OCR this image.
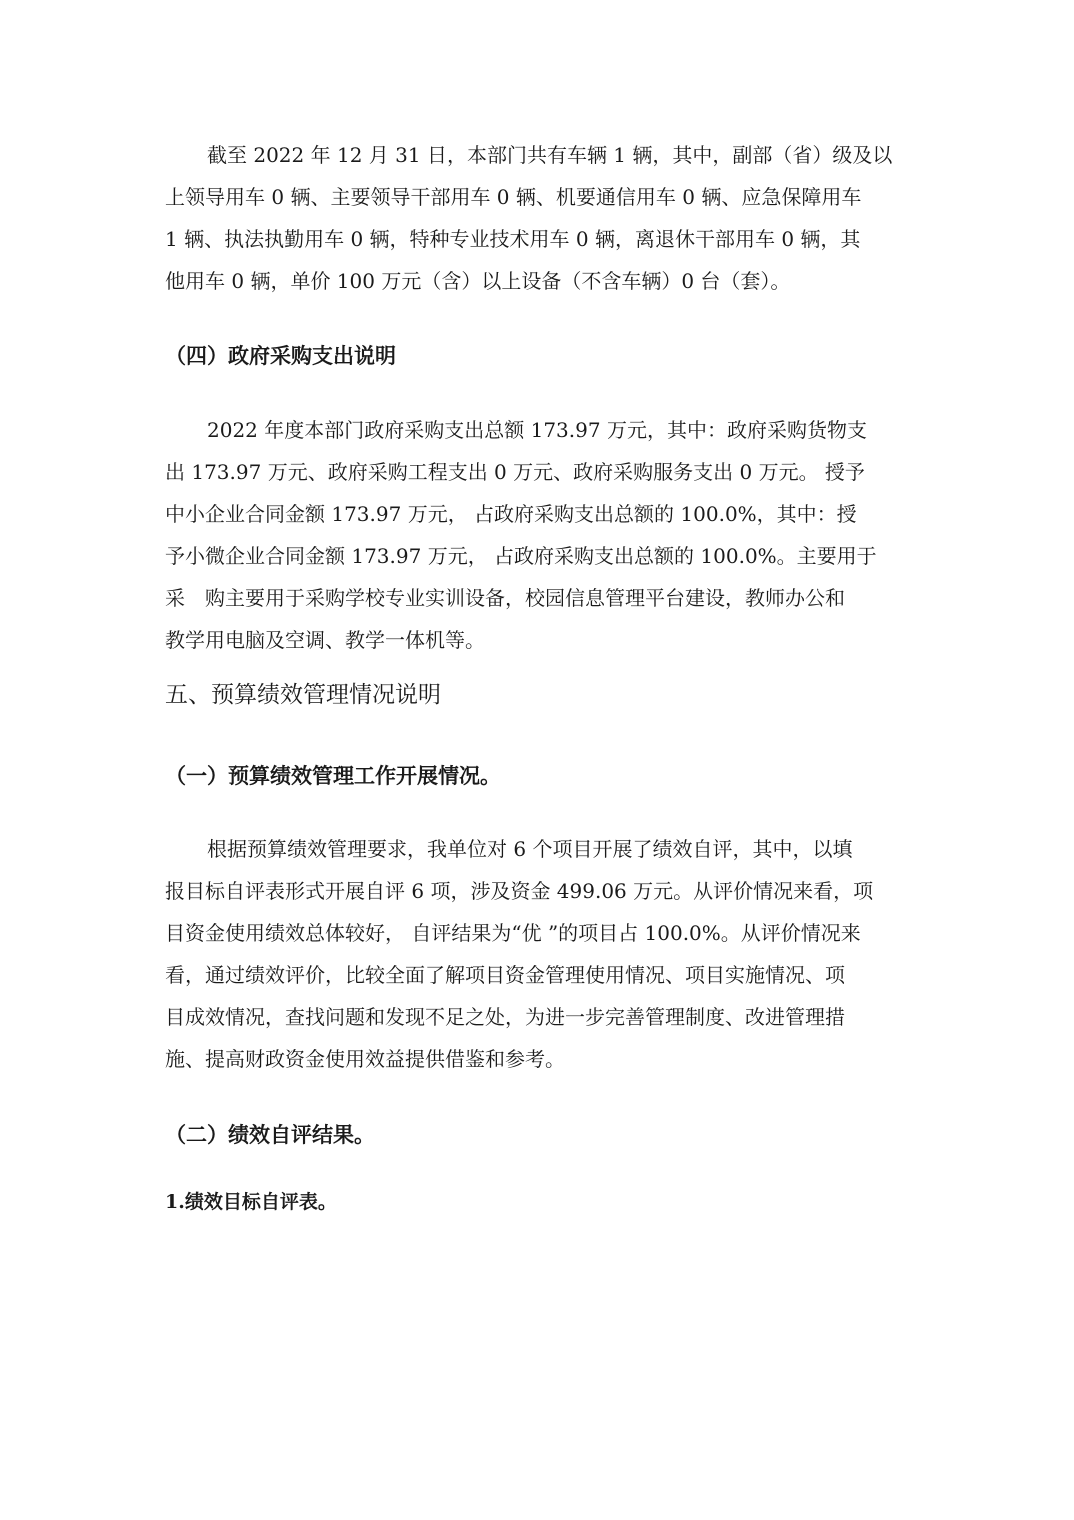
截至 2022 年 12 月 31 日，本部门共有车辆 1 辆，其中，副部（省）级及以
上领导用车 0 辆、主要领导干部用车 0 辆、机要通信用车 0 辆、应急保障用车
1 辆、执法执勤用车 0 辆，特种专业技术用车 0 辆，离退休干部用车 0 辆，其
他用车 0 辆，单价 100 万元（含）以上设备（不含车辆）0 台（套）。
（四）政府采购支出说明
2022 年度本部门政府采购支出总额 173.97 万元，其中：政府采购货物支
出 173.97 万元、政府采购工程支出 0 万元、政府采购服务支出 0 万元。 授予
中小企业合同金额 173.97 万元， 占政府采购支出总额的 100.0%，其中：授
予小微企业合同金额 173.97 万元， 占政府采购支出总额的 100.0%。主要用于
采　购主要用于采购学校专业实训设备，校园信息管理平台建设，教师办公和
教学用电脑及空调、教学一体机等。
五、预算绩效管理情况说明
（一）预算绩效管理工作开展情况。
根据预算绩效管理要求，我单位对 6 个项目开展了绩效自评，其中，以填
报目标自评表形式开展自评 6 项，涉及资金 499.06 万元。从评价情况来看，项
目资金使用绩效总体较好， 自评结果为“优 ”的项目占 100.0%。从评价情况来
看，通过绩效评价，比较全面了解项目资金管理使用情况、项目实施情况、项
目成效情况，查找问题和发现不足之处，为进一步完善管理制度、改进管理措
施、提高财政资金使用效益提供借鉴和参考。
（二）绩效自评结果。
1.绩效目标自评表。
